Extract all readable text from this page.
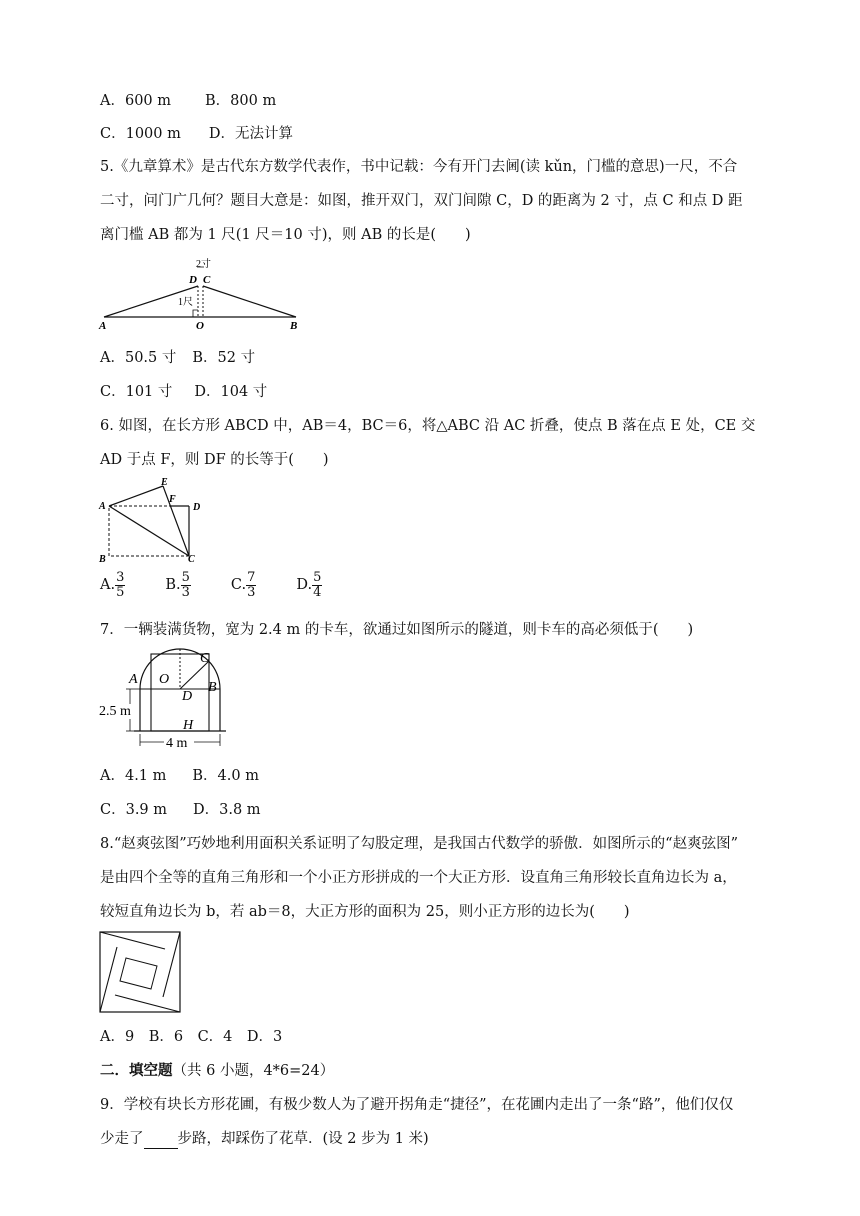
A．600 m B．800 m
C．1000 m D．无法计算
5.《九章算术》是古代东方数学代表作，书中记载：今有开门去阃(读 kǔn，门槛的意思)一尺，不合
二寸，问门广几何？题目大意是：如图，推开双门，双门间隙 C，D 的距离为 2 寸，点 C 和点 D 距
离门槛 AB 都为 1 尺(1 尺＝10 寸)，则 AB 的长是(　　)
2寸
D C
1尺
A	O	B
A．50.5 寸 B．52 寸
C．101 寸 D．104 寸
6. 如图，在长方形 ABCD 中，AB＝4，BC＝6，将△ABC 沿 AC 折叠，使点 B 落在点 E 处，CE 交
AD 于点 F，则 DF 的长等于(　　)
A
E
F
D
B	C
A. $\frac{3}{5}$	B. $\frac{5}{3}$	C. $\frac{7}{3}$	D. $\frac{5}{4}$
7．一辆装满货物，宽为 2.4 m 的卡车，欲通过如图所示的隧道，则卡车的高必须低于(　　)
C
A O
D
B
H
2.5 m
4 m
A．4.1 m B．4.0 m
C．3.9 m D．3.8 m
8.“赵爽弦图”巧妙地利用面积关系证明了勾股定理，是我国古代数学的骄傲．如图所示的“赵爽弦图”
是由四个全等的直角三角形和一个小正方形拼成的一个大正方形．设直角三角形较长直角边长为 a，
较短直角边长为 b，若 ab＝8，大正方形的面积为 25，则小正方形的边长为(　　)
A．9　B．6　C．4　D．3
二．填空题（共 6 小题，4*6=24）
9．学校有块长方形花圃，有极少数人为了避开拐角走“捷径”，在花圃内走出了一条“路”，他们仅仅
少走了 步路，却踩伤了花草．(设 2 步为 1 米)
